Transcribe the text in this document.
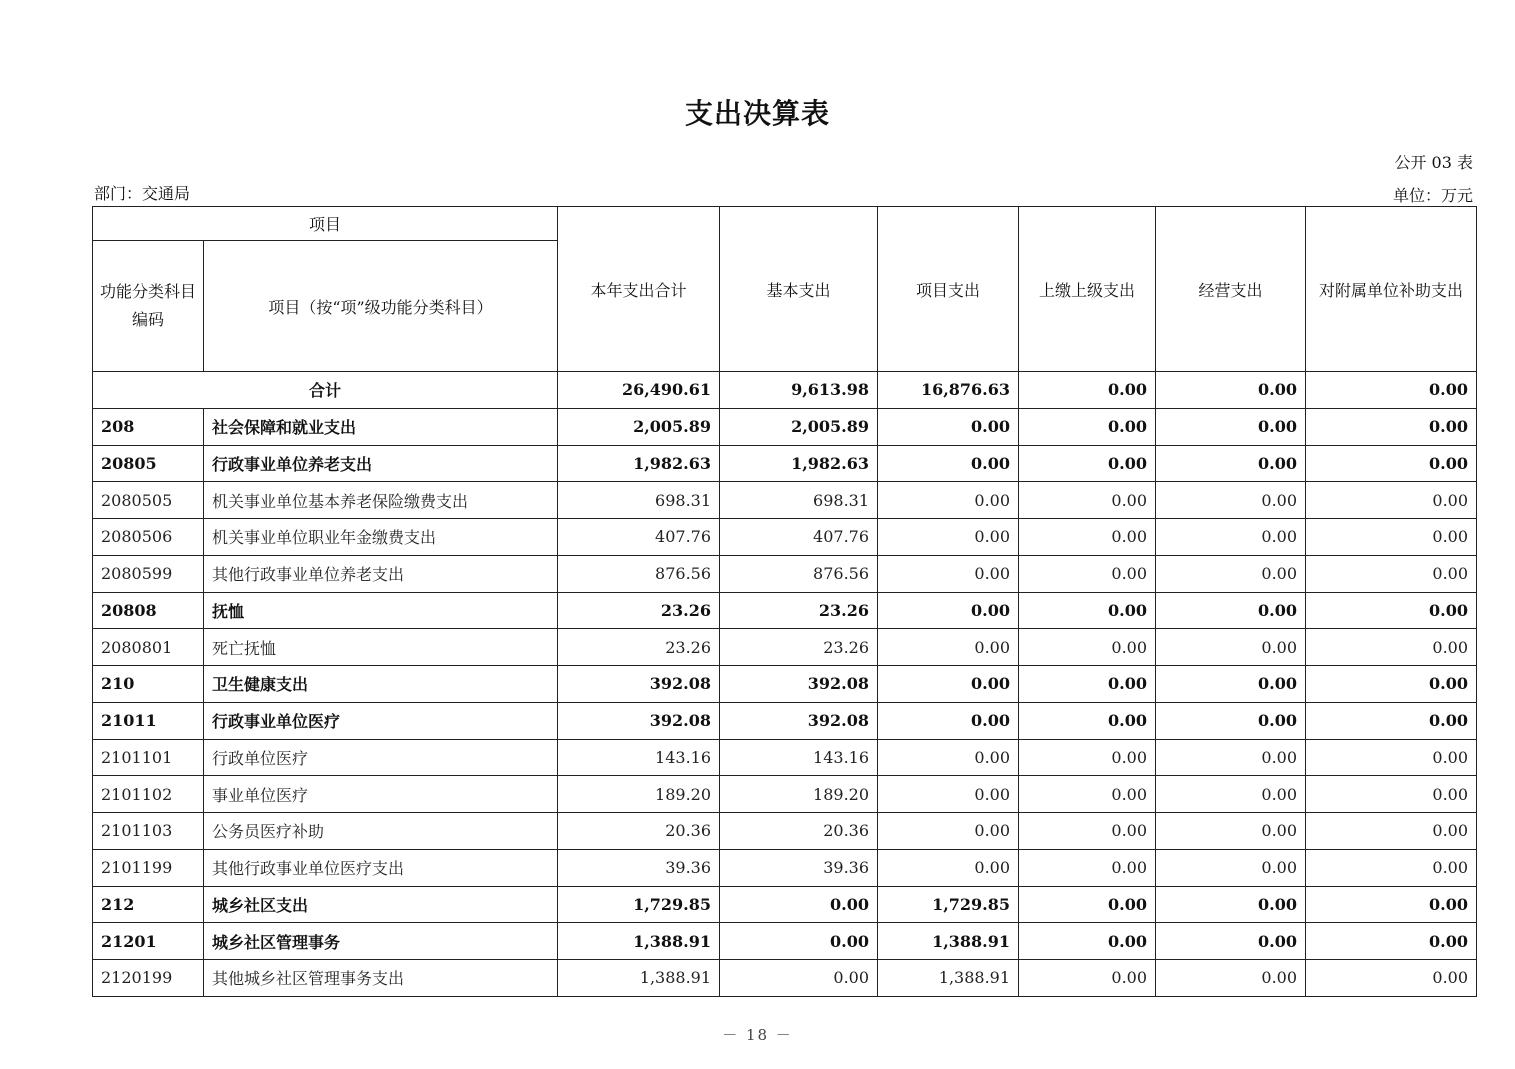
支出决算表
公开 03 表
部门：交通局	单位：万元
项目		本年支出合计	基本支出	项目支出	上缴上级支出	经营支出	对附属单位补助支出
功能分类科目编码	项目（按“项”级功能分类科目）						
合计		26,490.61	9,613.98	16,876.63	0.00	0.00	0.00
208	社会保障和就业支出	2,005.89	2,005.89	0.00	0.00	0.00	0.00
20805	行政事业单位养老支出	1,982.63	1,982.63	0.00	0.00	0.00	0.00
2080505	机关事业单位基本养老保险缴费支出	698.31	698.31	0.00	0.00	0.00	0.00
2080506	机关事业单位职业年金缴费支出	407.76	407.76	0.00	0.00	0.00	0.00
2080599	其他行政事业单位养老支出	876.56	876.56	0.00	0.00	0.00	0.00
20808	抚恤	23.26	23.26	0.00	0.00	0.00	0.00
2080801	死亡抚恤	23.26	23.26	0.00	0.00	0.00	0.00
210	卫生健康支出	392.08	392.08	0.00	0.00	0.00	0.00
21011	行政事业单位医疗	392.08	392.08	0.00	0.00	0.00	0.00
2101101	行政单位医疗	143.16	143.16	0.00	0.00	0.00	0.00
2101102	事业单位医疗	189.20	189.20	0.00	0.00	0.00	0.00
2101103	公务员医疗补助	20.36	20.36	0.00	0.00	0.00	0.00
2101199	其他行政事业单位医疗支出	39.36	39.36	0.00	0.00	0.00	0.00
212	城乡社区支出	1,729.85	0.00	1,729.85	0.00	0.00	0.00
21201	城乡社区管理事务	1,388.91	0.00	1,388.91	0.00	0.00	0.00
2120199	其他城乡社区管理事务支出	1,388.91	0.00	1,388.91	0.00	0.00	0.00
－ 18 －
